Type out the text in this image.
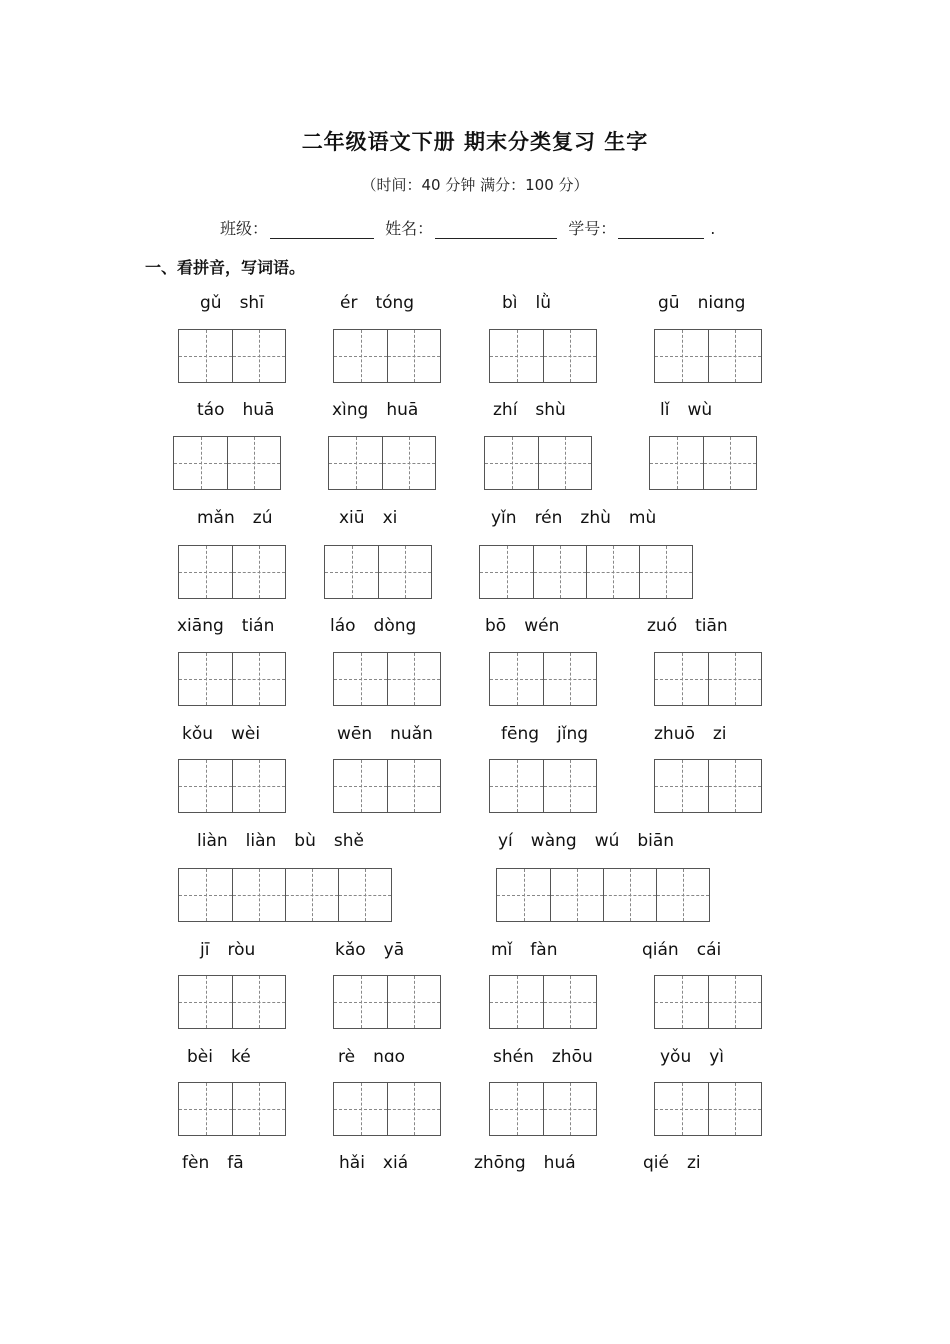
二年级语文下册 期末分类复习 生字
（时间：40 分钟 满分：100 分）
班级：	姓名：	学号：	.
一、看拼音，写词语。
gǔ shī	ér tóng	bì lǜ	gū niɑng
táo huā	xìng huā	zhí shù	lǐ wù
mǎn zú	xiū xi	yǐn rén zhù mù
xiāng tián	láo dòng	bō wén	zuó tiān
kǒu wèi	wēn nuǎn	fēng jǐng	zhuō zi
liàn liàn bù shě	yí wàng wú biān
jī ròu	kǎo yā	mǐ fàn	qián cái
bèi ké	rè nɑo	shén zhōu	yǒu yì
fèn fā	hǎi xiá	zhōng huá	qié zi
